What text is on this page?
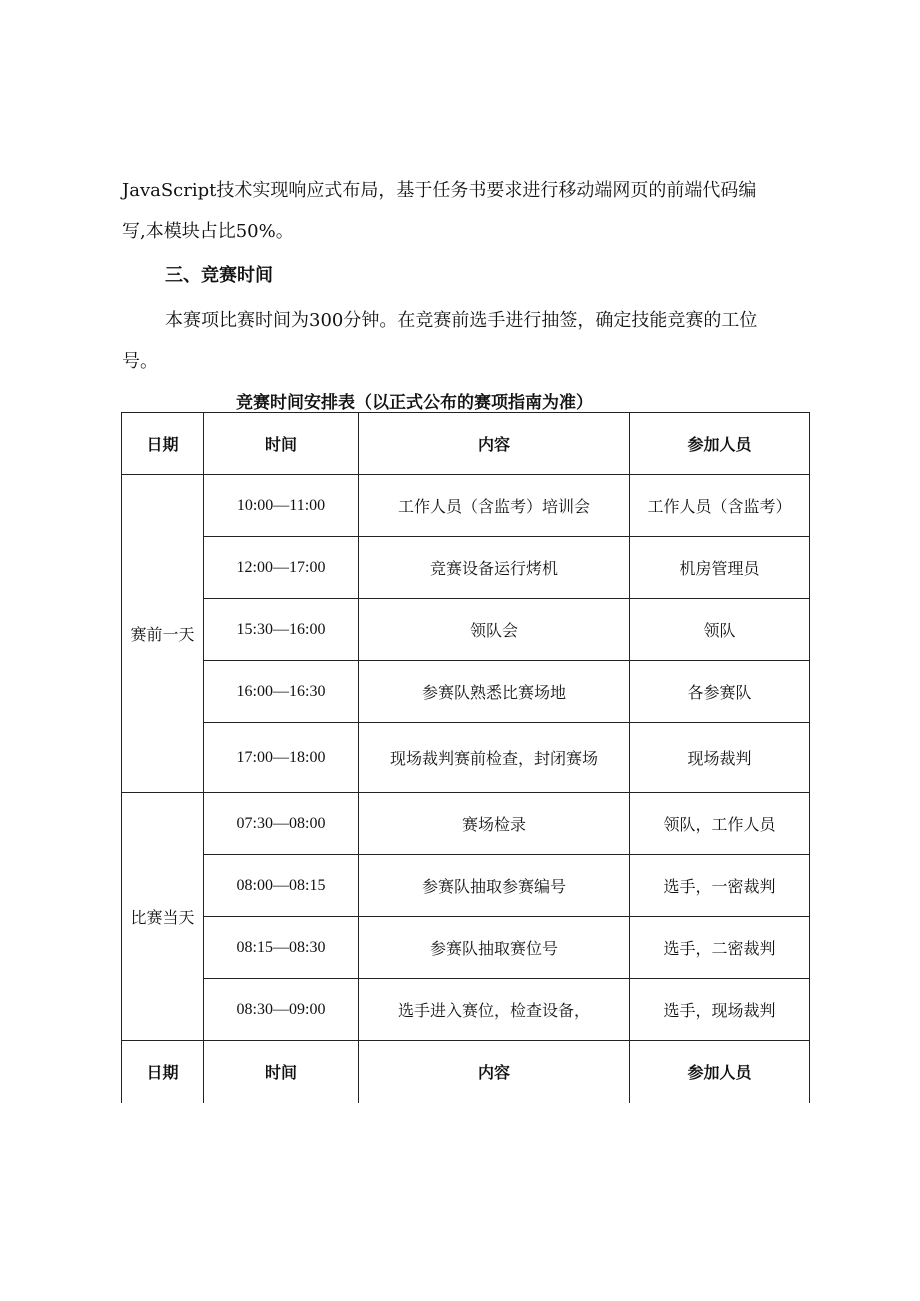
JavaScript技术实现响应式布局，基于任务书要求进行移动端网页的前端代码编

写,本模块占比50%。

三、竞赛时间

本赛项比赛时间为300分钟。在竞赛前选手进行抽签，确定技能竞赛的工位

号。

竞赛时间安排表（以正式公布的赛项指南为准）

日期	时间	内容	参加人员
赛前一天	10:00—11:00	工作人员（含监考）培训会	工作人员（含监考）
	12:00—17:00	竞赛设备运行烤机	机房管理员
	15:30—16:00	领队会	领队
	16:00—16:30	参赛队熟悉比赛场地	各参赛队
	17:00—18:00	现场裁判赛前检查，封闭赛场	现场裁判
比赛当天	07:30—08:00	赛场检录	领队，工作人员
	08:00—08:15	参赛队抽取参赛编号	选手，一密裁判
	08:15—08:30	参赛队抽取赛位号	选手，二密裁判
	08:30—09:00	选手进入赛位，检查设备，	选手，现场裁判
日期	时间	内容	参加人员
